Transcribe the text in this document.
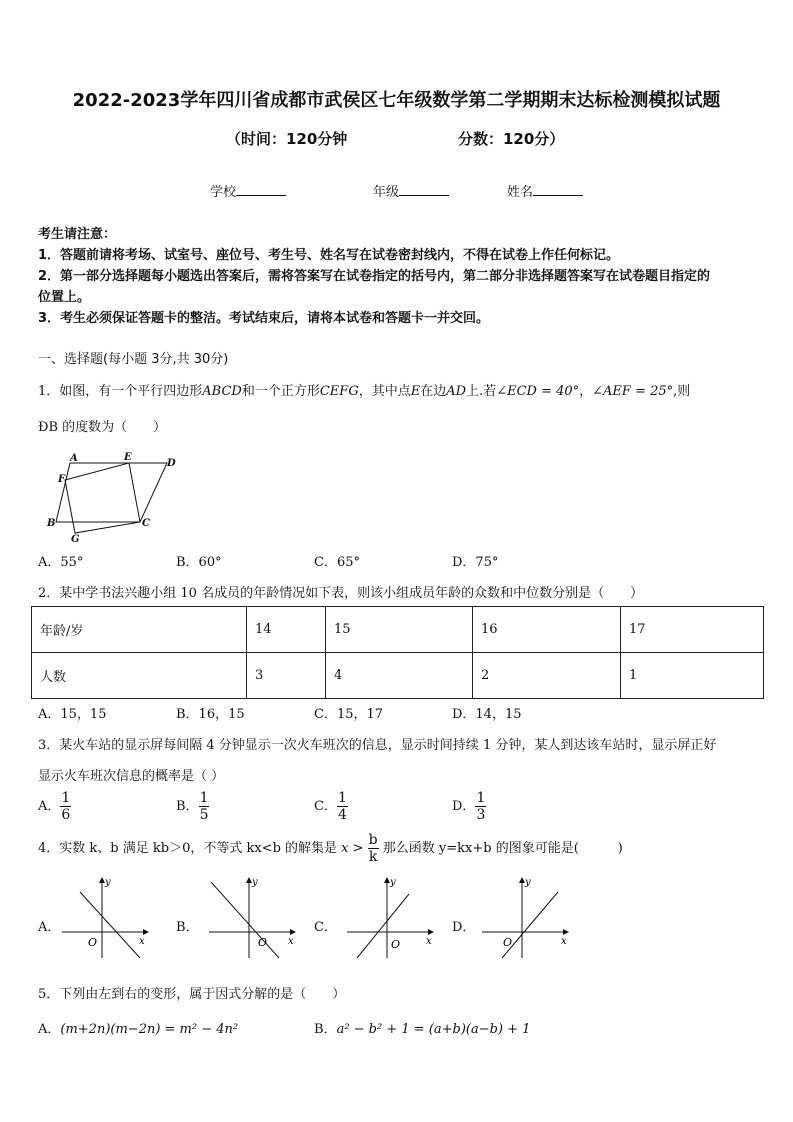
2022-2023学年四川省成都市武侯区七年级数学第二学期期末达标检测模拟试题
（时间：120分钟	分数：120分）
学校	年级	姓名
考生请注意：
1．答题前请将考场、试室号、座位号、考生号、姓名写在试卷密封线内，不得在试卷上作任何标记。
2．第一部分选择题每小题选出答案后，需将答案写在试卷指定的括号内，第二部分非选择题答案写在试卷题目指定的
位置上。
3．考生必须保证答题卡的整洁。考试结束后，请将本试卷和答题卡一并交回。
一、选择题(每小题 3分,共 30分)
1．如图，有一个平行四边形ABCD和一个正方形CEFG，其中点E在边AD上.若∠ECD = 40°，∠AEF = 25°,则
ÐB 的度数为（　　）
A	E
D
F
B	C
G
A．55°	B．60°	C．65°	D．75°
2．某中学书法兴趣小组 10 名成员的年龄情况如下表，则该小组成员年龄的众数和中位数分别是（　　）
年龄/岁	14	15	16	17
人数	3	4	2	1
A．15，15	B．16，15	C．15，17	D．14，15
3．某火车站的显示屏每间隔 4 分钟显示一次火车班次的信息，显示时间持续 1 分钟，某人到达该车站时，显示屏正好
显示火车班次信息的概率是（ ）
A． $\frac{1}{6}$	B． $\frac{1}{5}$	C． $\frac{1}{4}$	D． $\frac{1}{3}$
4．实数 k、b 满足 kb＞0，不等式 kx<b 的解集是 $x > \frac{b}{k}$ 那么函数 y=kx+b 的图象可能是(　　　)
A．	B．	C．	D．
y
x
O
y
x
O
y
x
O
y
x
O
5．下列由左到右的变形，属于因式分解的是（　　）
A．(m+2n)(m−2n) = m² − 4n²	B．a² − b² + 1 = (a+b)(a−b) + 1
